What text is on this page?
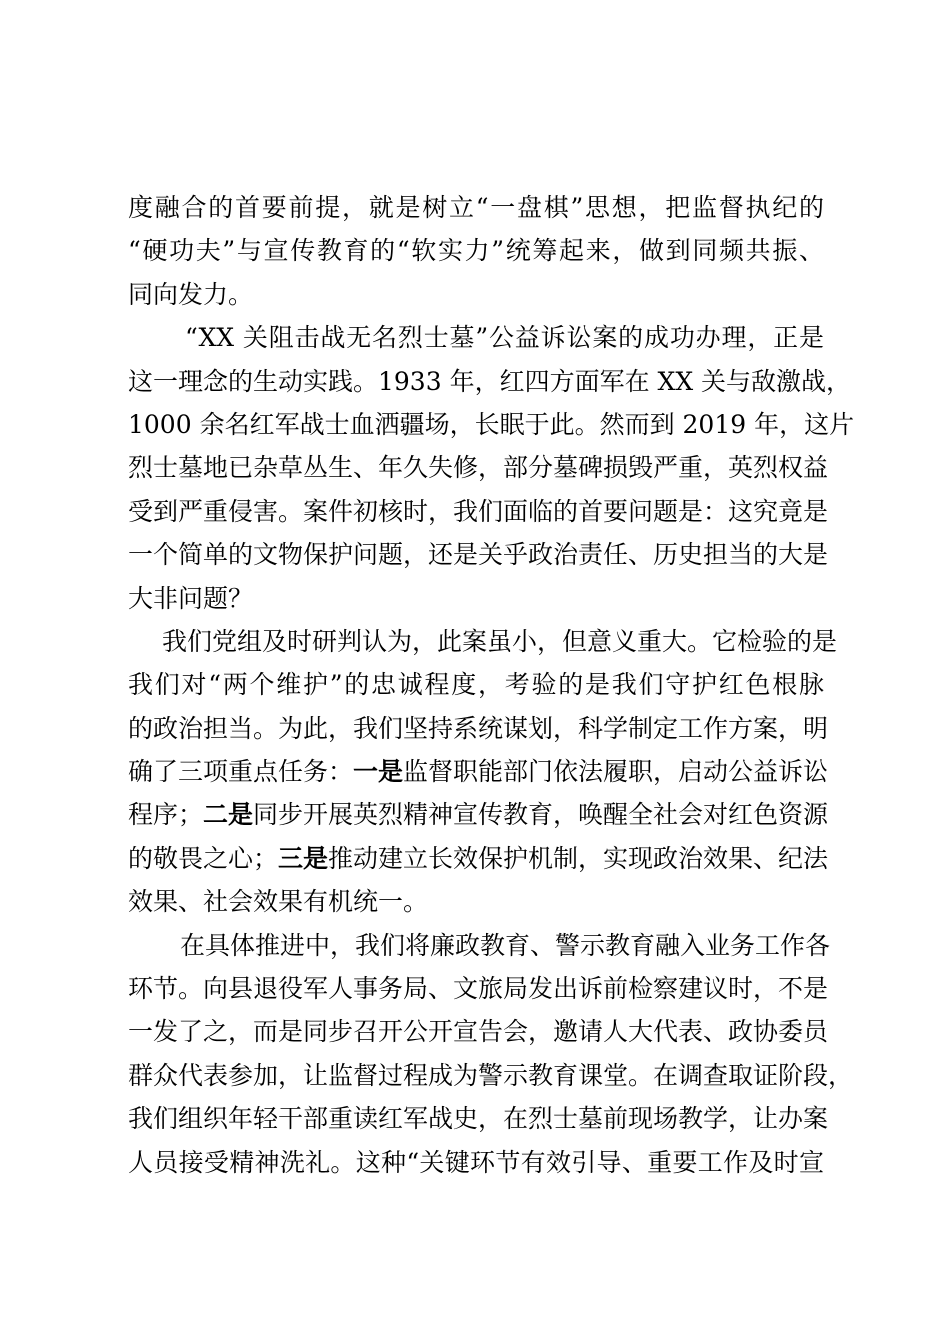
度融合的首要前提，就是树立“一盘棋”思想，把监督执纪的
“硬功夫”与宣传教育的“软实力”统筹起来，做到同频共振、
同向发力。
“XX 关阻击战无名烈士墓”公益诉讼案的成功办理，正是
这一理念的生动实践。1933 年，红四方面军在 XX 关与敌激战，
1000 余名红军战士血洒疆场，长眠于此。然而到 2019 年，这片
烈士墓地已杂草丛生、年久失修，部分墓碑损毁严重，英烈权益
受到严重侵害。案件初核时，我们面临的首要问题是：这究竟是
一个简单的文物保护问题，还是关乎政治责任、历史担当的大是
大非问题？
我们党组及时研判认为，此案虽小，但意义重大。它检验的是
我们对“两个维护”的忠诚程度，考验的是我们守护红色根脉
的政治担当。为此，我们坚持系统谋划，科学制定工作方案，明
确了三项重点任务：一是监督职能部门依法履职，启动公益诉讼
程序；二是同步开展英烈精神宣传教育，唤醒全社会对红色资源
的敬畏之心；三是推动建立长效保护机制，实现政治效果、纪法
效果、社会效果有机统一。
在具体推进中，我们将廉政教育、警示教育融入业务工作各
环节。向县退役军人事务局、文旅局发出诉前检察建议时，不是
一发了之，而是同步召开公开宣告会，邀请人大代表、政协委员
群众代表参加，让监督过程成为警示教育课堂。在调查取证阶段，
我们组织年轻干部重读红军战史，在烈士墓前现场教学，让办案
人员接受精神洗礼。这种“关键环节有效引导、重要工作及时宣
